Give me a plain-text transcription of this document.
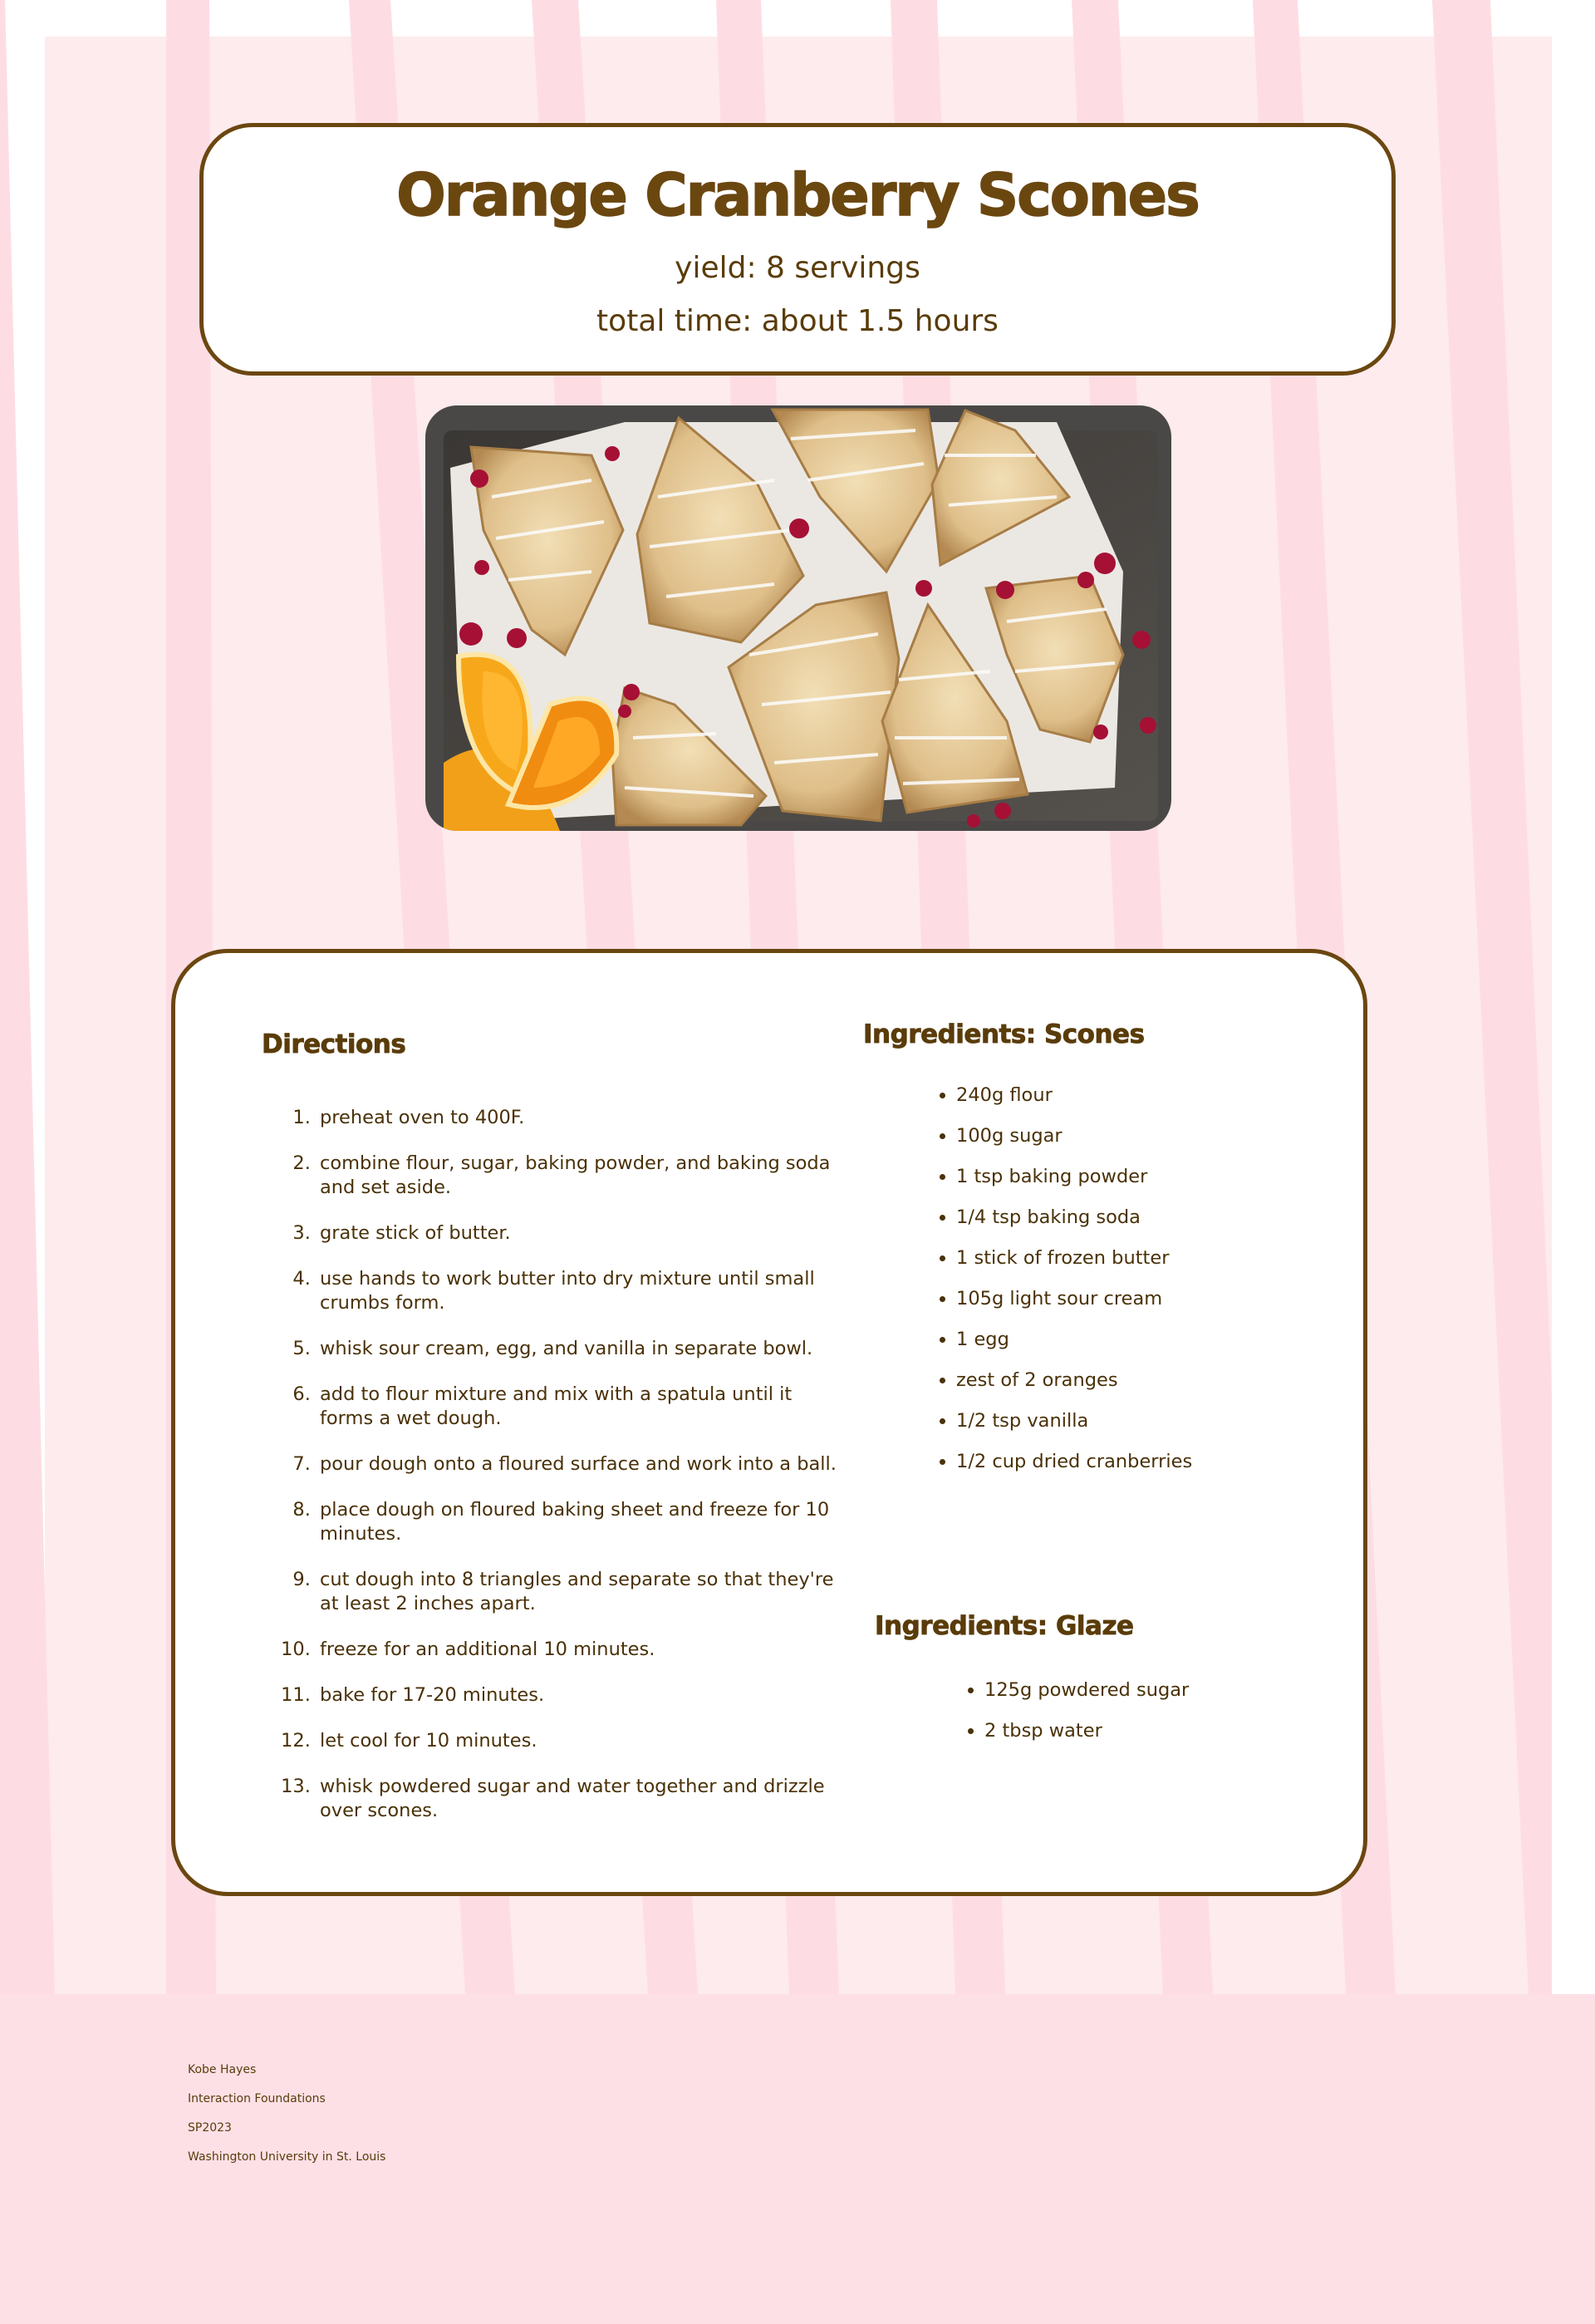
Orange Cranberry Scones
yield: 8 servings
total time: about 1.5 hours
Directions
1. preheat oven to 400F.
2. combine flour, sugar, baking powder, and baking soda and set aside.
3. grate stick of butter.
4. use hands to work butter into dry mixture until small crumbs form.
5. whisk sour cream, egg, and vanilla in separate bowl.
6. add to flour mixture and mix with a spatula until it forms a wet dough.
7. pour dough onto a floured surface and work into a ball.
8. place dough on floured baking sheet and freeze for 10 minutes.
9. cut dough into 8 triangles and separate so that they're at least 2 inches apart.
10. freeze for an additional 10 minutes.
11. bake for 17-20 minutes.
12. let cool for 10 minutes.
13. whisk powdered sugar and water together and drizzle over scones.
Ingredients: Scones
• 240g flour
• 100g sugar
• 1 tsp baking powder
• 1/4 tsp baking soda
• 1 stick of frozen butter
• 105g light sour cream
• 1 egg
• zest of 2 oranges
• 1/2 tsp vanilla
• 1/2 cup dried cranberries
Ingredients: Glaze
• 125g powdered sugar
• 2 tbsp water
Kobe Hayes
Interaction Foundations
SP2023
Washington University in St. Louis
